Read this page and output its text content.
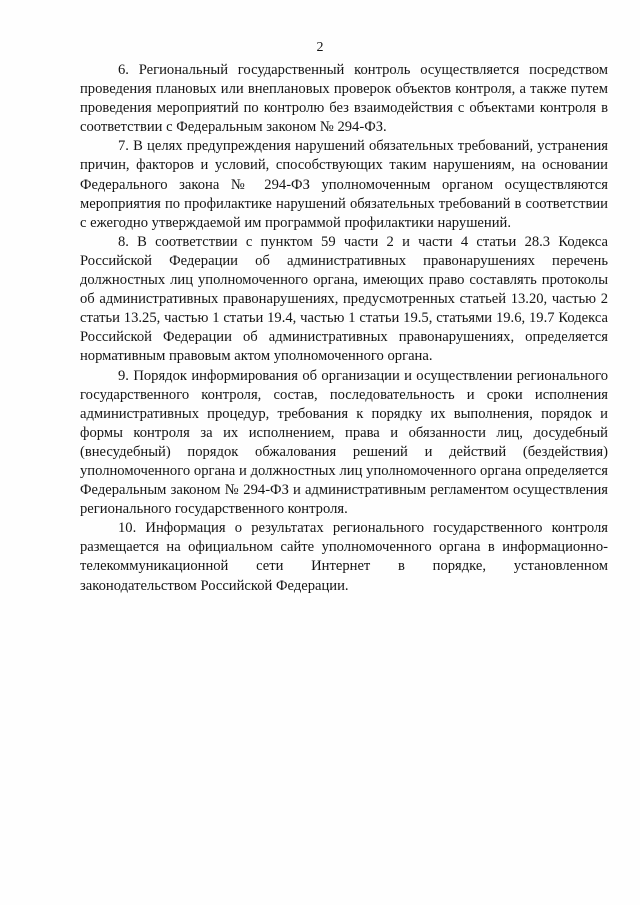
2

6. Региональный государственный контроль осуществляется посредством проведения плановых или внеплановых проверок объектов контроля, а также путем проведения мероприятий по контролю без взаимодействия с объектами контроля в соответствии с Федеральным законом № 294-ФЗ.

7. В целях предупреждения нарушений обязательных требований, устранения причин, факторов и условий, способствующих таким нарушениям, на основании Федерального закона № 294-ФЗ уполномоченным органом осуществляются мероприятия по профилактике нарушений обязательных требований в соответствии с ежегодно утверждаемой им программой профилактики нарушений.

8. В соответствии с пунктом 59 части 2 и части 4 статьи 28.3 Кодекса Российской Федерации об административных правонарушениях перечень должностных лиц уполномоченного органа, имеющих право составлять протоколы об административных правонарушениях, предусмотренных статьей 13.20, частью 2 статьи 13.25, частью 1 статьи 19.4, частью 1 статьи 19.5, статьями 19.6, 19.7 Кодекса Российской Федерации об административных правонарушениях, определяется нормативным правовым актом уполномоченного органа.

9. Порядок информирования об организации и осуществлении регионального государственного контроля, состав, последовательность и сроки исполнения административных процедур, требования к порядку их выполнения, порядок и формы контроля за их исполнением, права и обязанности лиц, досудебный (внесудебный) порядок обжалования решений и действий (бездействия) уполномоченного органа и должностных лиц уполномоченного органа определяется Федеральным законом № 294-ФЗ и административным регламентом осуществления регионального государственного контроля.

10. Информация о результатах регионального государственного контроля размещается на официальном сайте уполномоченного органа в информационно-телекоммуникационной сети Интернет в порядке, установленном законодательством Российской Федерации.
